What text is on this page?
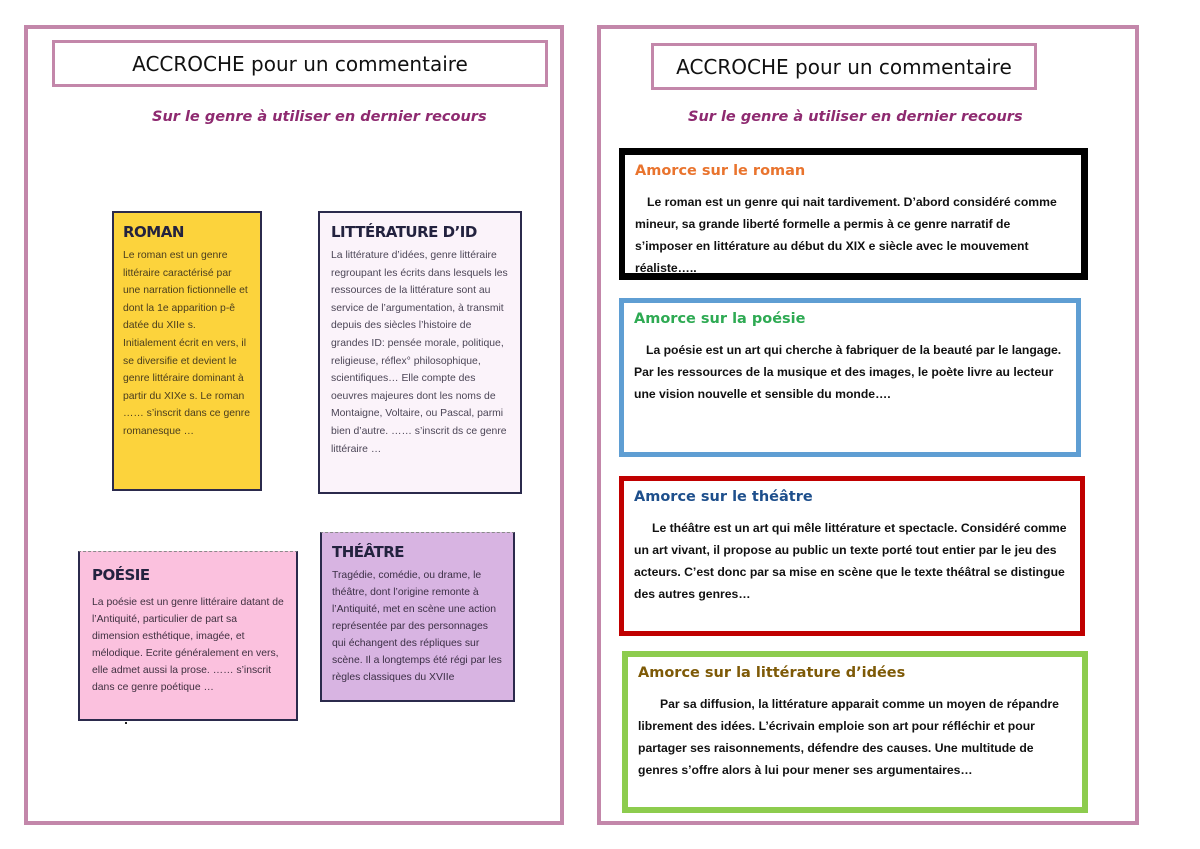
ACCROCHE pour un commentaire
Sur le genre à utiliser en dernier recours
ROMAN

Le roman est un genre littéraire caractérisé par une narration fictionnelle et dont la 1e apparition p-ê datée du XIIe s. Initialement écrit en vers, il se diversifie et devient le genre littéraire dominant à partir du XIXe s. Le roman …… s’inscrit dans ce genre romanesque …

LITTÉRATURE D’ID

La littérature d’idées, genre littéraire regroupant les écrits dans lesquels les ressources de la littérature sont au service de l’argumentation, à transmit depuis des siècles l’histoire de grandes ID: pensée morale, politique, religieuse, réflex° philosophique, scientifiques… Elle compte des oeuvres majeures dont les noms de Montaigne, Voltaire, ou Pascal, parmi bien d’autre. …… s’inscrit ds ce genre littéraire …

POÉSIE

La poésie est un genre littéraire datant de l’Antiquité, particulier de part sa dimension esthétique, imagée, et mélodique. Ecrite généralement en vers, elle admet aussi la prose. …… s’inscrit dans ce genre poétique …

THÉÂTRE

Tragédie, comédie, ou drame, le théâtre, dont l’origine remonte à l’Antiquité, met en scène une action représentée par des personnages qui échangent des répliques sur scène. Il a longtemps été régi par les règles classiques du XVIIe

ACCROCHE pour un commentaire
Sur le genre à utiliser en dernier recours
Amorce sur le roman

Le roman est un genre qui nait tardivement. D’abord considéré comme mineur, sa grande liberté formelle a permis à ce genre narratif de s’imposer en littérature au début du XIX e siècle avec le mouvement réaliste…..

Amorce sur la poésie

La poésie est un art qui cherche à fabriquer de la beauté par le langage. Par les ressources de la musique et des images, le poète livre au lecteur une vision nouvelle et sensible du monde….

Amorce sur le théâtre

Le théâtre est un art qui mêle littérature et spectacle. Considéré comme un art vivant, il propose au public un texte porté tout entier par le jeu des acteurs. C’est donc par sa mise en scène que le texte théâtral se distingue des autres genres…

Amorce sur la littérature d’idées

Par sa diffusion, la littérature apparait comme un moyen de répandre librement des idées. L’écrivain emploie son art pour réfléchir et pour partager ses raisonnements, défendre des causes. Une multitude de genres s’offre alors à lui pour mener ses argumentaires…
